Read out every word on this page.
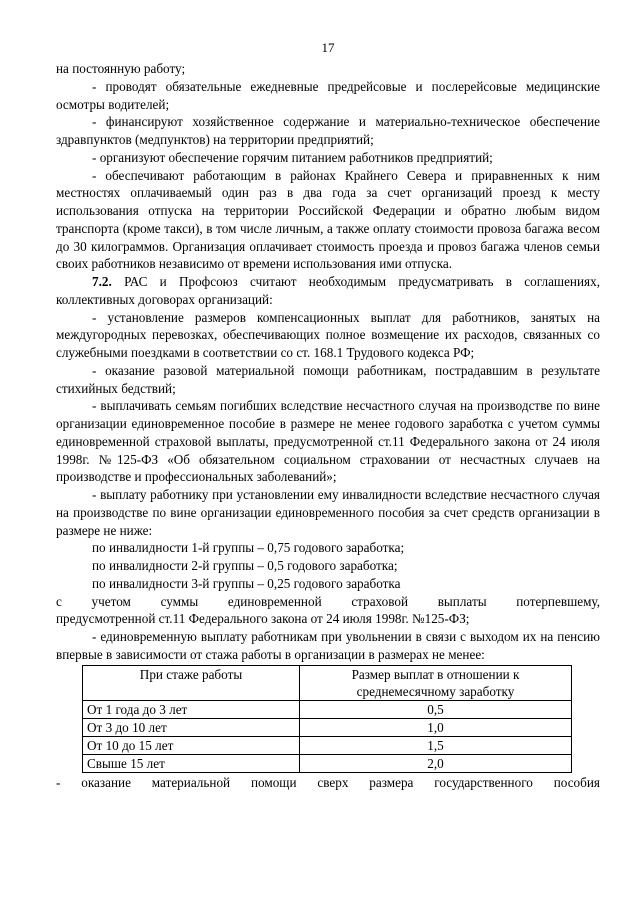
17

на постоянную работу;

- проводят обязательные ежедневные предрейсовые и послерейсовые медицинские осмотры водителей;

- финансируют хозяйственное содержание и материально-техническое обеспечение здравпунктов (медпунктов) на территории предприятий;

- организуют обеспечение горячим питанием работников предприятий;

- обеспечивают работающим в районах Крайнего Севера и приравненных к ним местностях оплачиваемый один раз в два года за счет организаций проезд к месту использования отпуска на территории Российской Федерации и обратно любым видом транспорта (кроме такси), в том числе личным, а также оплату стоимости провоза багажа весом до 30 килограммов. Организация оплачивает стоимость проезда и провоз багажа членов семьи своих работников независимо от времени использования ими отпуска.

7.2. РАС и Профсоюз считают необходимым предусматривать в соглашениях, коллективных договорах организаций:

- установление размеров компенсационных выплат для работников, занятых на междугородных перевозках, обеспечивающих полное возмещение их расходов, связанных со служебными поездками в соответствии со ст. 168.1 Трудового кодекса РФ;

- оказание разовой материальной помощи работникам, пострадавшим в результате стихийных бедствий;

- выплачивать семьям погибших вследствие несчастного случая на производстве по вине организации единовременное пособие в размере не менее годового заработка с учетом суммы единовременной страховой выплаты, предусмотренной ст.11 Федерального закона от 24 июля 1998г. №125-ФЗ «Об обязательном социальном страховании от несчастных случаев на производстве и профессиональных заболеваний»;

- выплату работнику при установлении ему инвалидности вследствие несчастного случая на производстве по вине организации единовременного пособия за счет средств организации в размере не ниже:

по инвалидности 1-й группы – 0,75 годового заработка;

по инвалидности 2-й группы – 0,5 годового заработка;

по инвалидности 3-й группы – 0,25 годового заработка

с учетом суммы единовременной страховой выплаты потерпевшему,

предусмотренной ст.11 Федерального закона от 24 июля 1998г. №125-ФЗ;

- единовременную выплату работникам при увольнении в связи с выходом их на пенсию впервые в зависимости от стажа работы в организации в размерах не менее:

При стаже работы	Размер выплат в отношении к среднемесячному заработку
От 1 года до 3 лет	0,5
От 3 до 10 лет	1,0
От 10 до 15 лет	1,5
Свыше 15 лет	2,0

- оказание материальной помощи сверх размера государственного пособия
